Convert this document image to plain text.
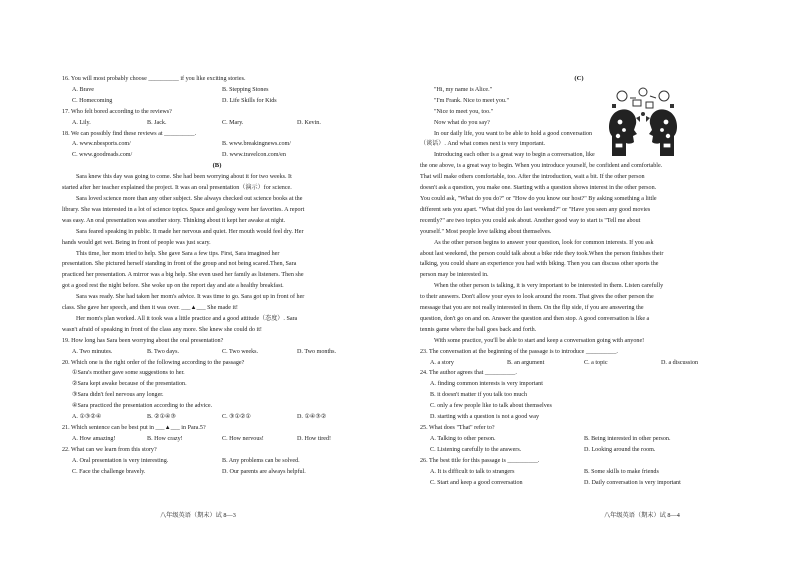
16. You will most probably choose __________ if you like exciting stories.
A. Brave	B. Stepping Stones
C. Homecoming	D. Life Skills for Kids
17. Who felt bored according to the reviews?
A. Lily.	B. Jack.	C. Mary.	D. Kevin.
18. We can possibly find these reviews at __________.
A. www.nbesports.com/	B. www.breakingnews.com/
C. www.goodreads.com/	D. www.travelcon.com/en
(B)
Sara knew this day was going to come. She had been worrying about it for two weeks. It
started after her teacher explained the project. It was an oral presentation（演示）for science.
Sara loved science more than any other subject. She always checked out science books at the
library. She was interested in a lot of science topics. Space and geology were her favorites. A report
was easy. An oral presentation was another story. Thinking about it kept her awake at night.
Sara feared speaking in public. It made her nervous and quiet. Her mouth would feel dry. Her
hands would get wet. Being in front of people was just scary.
This time, her mom tried to help. She gave Sara a few tips. First, Sara imagined her
presentation. She pictured herself standing in front of the group and not being scared.Then, Sara
practiced her presentation. A mirror was a big help. She even used her family as listeners. Then she
got a good rest the night before. She woke up on the report day and ate a healthy breakfast.
Sara was ready. She had taken her mom's advice. It was time to go. Sara got up in front of her
class. She gave her speech, and then it was over. ___▲___ She made it!
Her mom's plan worked. All it took was a little practice and a good attitude（态度）. Sara
wasn't afraid of speaking in front of the class any more. She knew she could do it!
19. How long has Sara been worrying about the oral presentation?
A. Two minutes.	B. Two days.	C. Two weeks.	D. Two months.
20. Which one is the right order of the following according to the passage?
①Sara's mother gave some suggestions to her.
②Sara kept awake because of the presentation.
③Sara didn't feel nervous any longer.
④Sara practiced the presentation according to the advice.
A. ①③②④	B. ②①④③	C. ③①②①	D. ①④③②
21. Which sentence can be best put in ___▲___ in Para.5?
A. How amazing!	B. How crazy!	C. How nervous!	D. How tired!
22. What can we learn from this story?
A. Oral presentation is very interesting.	B. Any problems can be solved.
C. Face the challenge bravely.	D. Our parents are always helpful.
(C)
"Hi, my name is Alice."
"I'm Frank. Nice to meet you."
"Nice to meet you, too."
Now what do you say?
In our daily life, you want to be able to hold a good conversation
（谈话）. And what comes next is very important.
Introducing each other is a great way to begin a conversation, like
the one above, is a great way to begin. When you introduce yourself, be confident and comfortable.
That will make others comfortable, too. After the introduction, wait a bit. If the other person
doesn't ask a question, you make one. Starting with a question shows interest in the other person.
You could ask, "What do you do?" or "How do you know our host?" By asking something a little
different sets you apart. "What did you do last weekend?" or "Have you seen any good movies
recently?" are two topics you could ask about. Another good way to start is "Tell me about
yourself." Most people love talking about themselves.
As the other person begins to answer your question, look for common interests. If you ask
about last weekend, the person could talk about a bike ride they took.When the person finishes their
talking, you could share an experience you had with biking. Then you can discuss other sports the
person may be interested in.
When the other person is talking, it is very important to be interested in them. Listen carefully
to their answers. Don't allow your eyes to look around the room. That gives the other person the
message that you are not really interested in them. On the flip side, if you are answering the
question, don't go on and on. Answer the question and then stop. A good conversation is like a
tennis game where the ball goes back and forth.
With some practice, you'll be able to start and keep a conversation going with anyone!
23. The conversation at the beginning of the passage is to introduce __________.
A. a story	B. an argument	C. a topic	D. a discussion
24. The author agrees that __________.
A. finding common interests is very important
B. it doesn't matter if you talk too much
C. only a few people like to talk about themselves
D. starting with a question is not a good way
25. What does "That" refer to?
A. Talking to other person.	B. Being interested in other person.
C. Listening carefully to the answers.	D. Looking around the room.
26. The best title for this passage is __________.
A. It is difficult to talk to strangers	B. Some skills to make friends
C. Start and keep a good conversation	D. Daily conversation is very important
八年级英语（期末）试 8—3	八年级英语（期末）试 8—4
